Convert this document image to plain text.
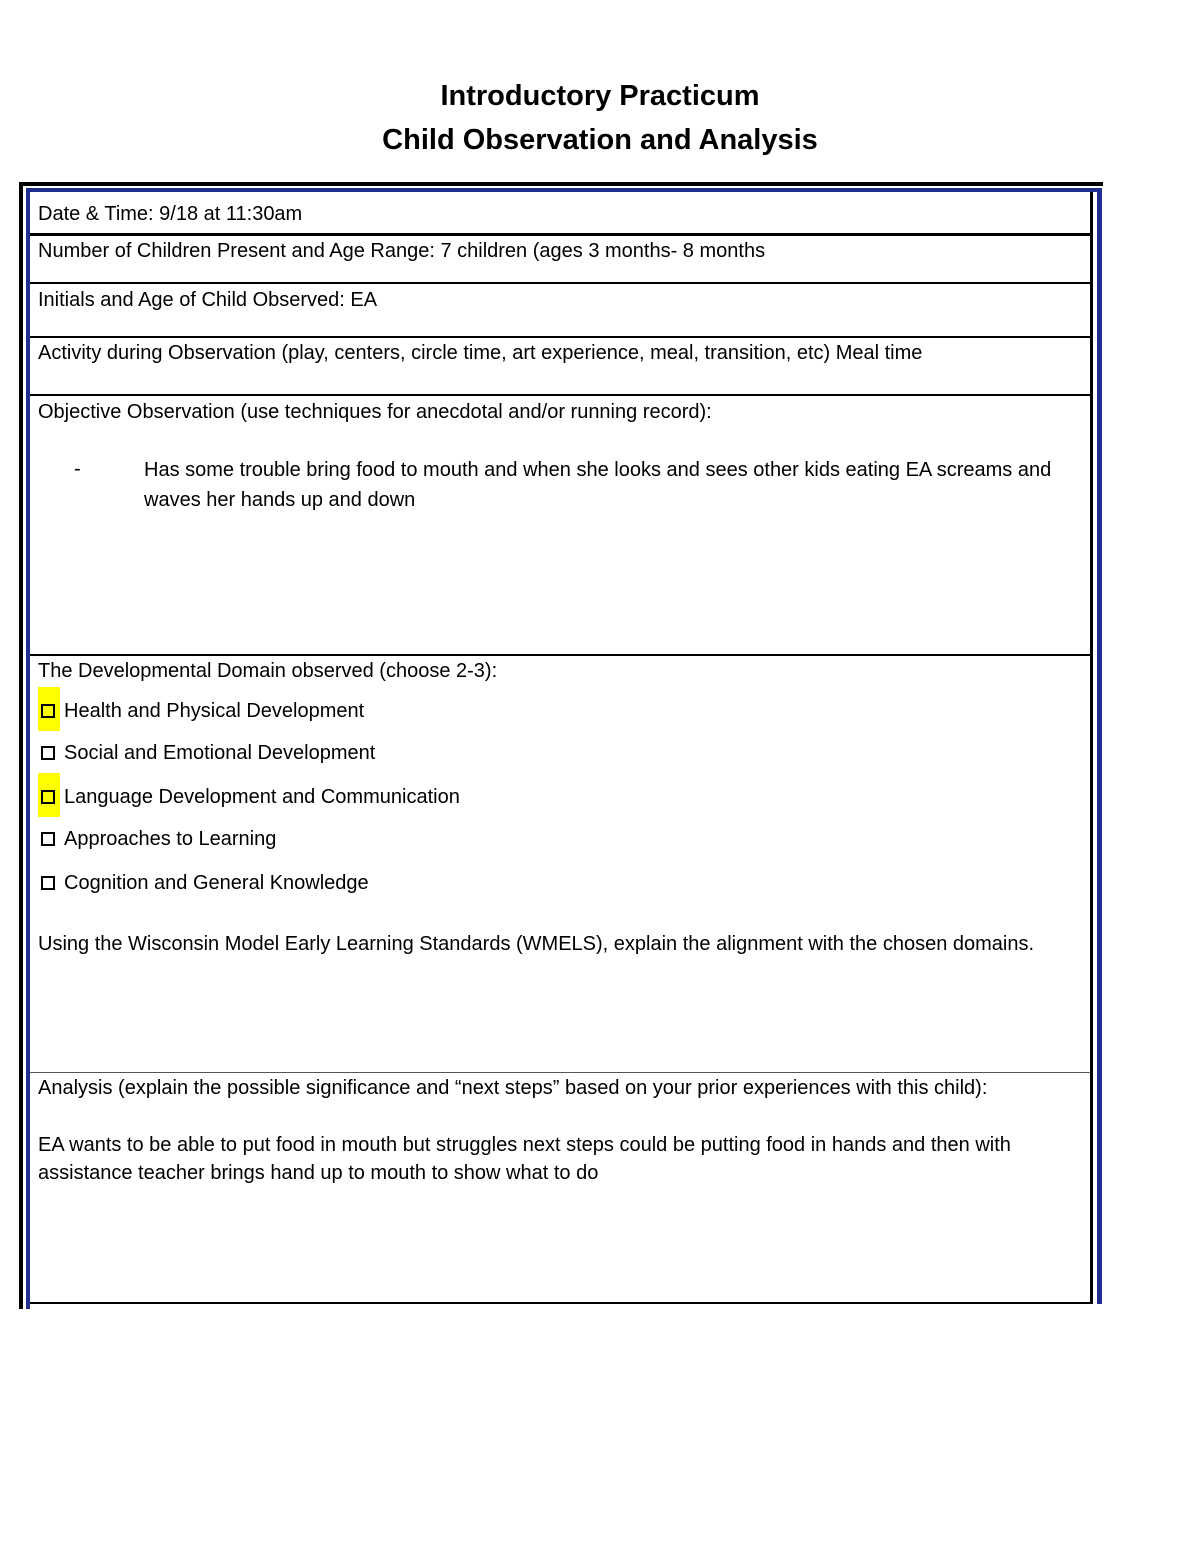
Introductory Practicum
Child Observation and Analysis
Date & Time: 9/18 at 11:30am
Number of Children Present and Age Range: 7 children (ages 3 months- 8 months
Initials and Age of Child Observed: EA
Activity during Observation (play, centers, circle time, art experience, meal, transition, etc) Meal time
Objective Observation (use techniques for anecdotal and/or running record):
-	Has some trouble bring food to mouth and when she looks and sees other kids eating EA screams and waves her hands up and down
The Developmental Domain observed (choose 2-3):
Health and Physical Development
Social and Emotional Development
Language Development and Communication
Approaches to Learning
Cognition and General Knowledge
Using the Wisconsin Model Early Learning Standards (WMELS), explain the alignment with the chosen domains.
Analysis (explain the possible significance and “next steps” based on your prior experiences with this child):
EA wants to be able to put food in mouth but struggles next steps could be putting food in hands and then with assistance teacher brings hand up to mouth to show what to do
